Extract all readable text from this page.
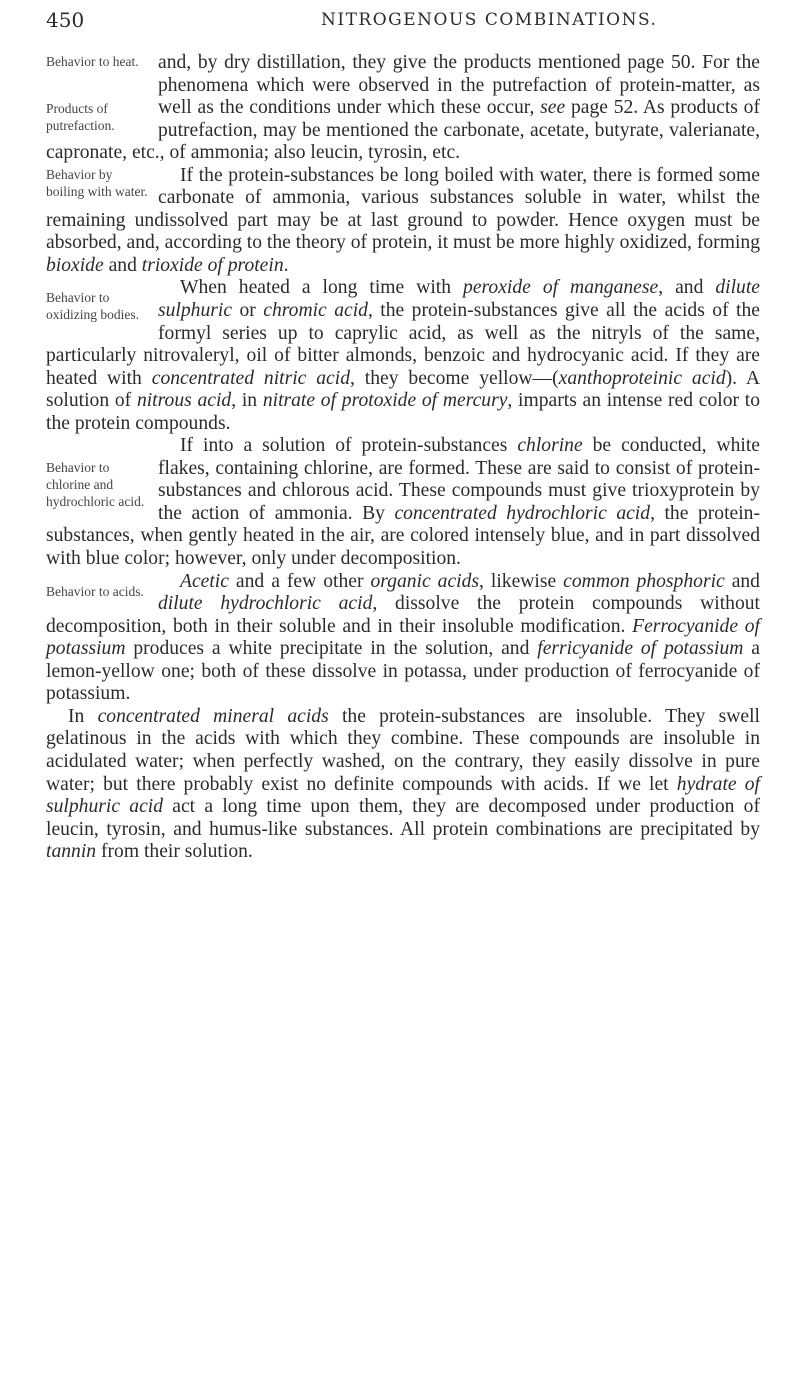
450	NITROGENOUS COMBINATIONS.

Behavior to heat.
Products of putrefaction.
and, by dry distillation, they give the products mentioned page 50. For the phenomena which were observed in the putrefaction of protein-matter, as well as the conditions under which these occur, see page 52. As products of putrefaction, may be mentioned the carbonate, acetate, butyrate, valerianate, capronate, etc., of ammonia; also leucin, tyrosin, etc.

Behavior by boiling with water.
If the protein-substances be long boiled with water, there is formed some carbonate of ammonia, various substances soluble in water, whilst the remaining undissolved part may be at last ground to powder. Hence oxygen must be absorbed, and, according to the theory of protein, it must be more highly oxidized, forming bioxide and trioxide of protein.

Behavior to oxidizing bodies.
When heated a long time with peroxide of manganese, and dilute sulphuric or chromic acid, the protein-substances give all the acids of the formyl series up to caprylic acid, as well as the nitryls of the same, particularly nitrovaleryl, oil of bitter almonds, benzoic and hydrocyanic acid. If they are heated with concentrated nitric acid, they become yellow—(xanthoproteinic acid). A solution of nitrous acid, in nitrate of protoxide of mercury, imparts an intense red color to the protein compounds.

Behavior to chlorine and hydrochloric acid.
If into a solution of protein-substances chlorine be conducted, white flakes, containing chlorine, are formed. These are said to consist of protein-substances and chlorous acid. These compounds must give trioxyprotein by the action of ammonia. By concentrated hydrochloric acid, the protein-substances, when gently heated in the air, are colored intensely blue, and in part dissolved with blue color; however, only under decomposition.

Behavior to acids.	Acetic and a few other organic acids, likewise common phosphoric and dilute hydrochloric acid, dissolve the protein compounds without decomposition, both in their soluble and in their insoluble modification. Ferrocyanide of potassium produces a white precipitate in the solution, and ferricyanide of potassium a lemon-yellow one; both of these dissolve in potassa, under production of ferrocyanide of potassium.

In concentrated mineral acids the protein-substances are insoluble. They swell gelatinous in the acids with which they combine. These compounds are insoluble in acidulated water; when perfectly washed, on the contrary, they easily dissolve in pure water; but there probably exist no definite compounds with acids. If we let hydrate of sulphuric acid act a long time upon them, they are decomposed under production of leucin, tyrosin, and humus-like substances. All protein combinations are precipitated by tannin from their solution.
